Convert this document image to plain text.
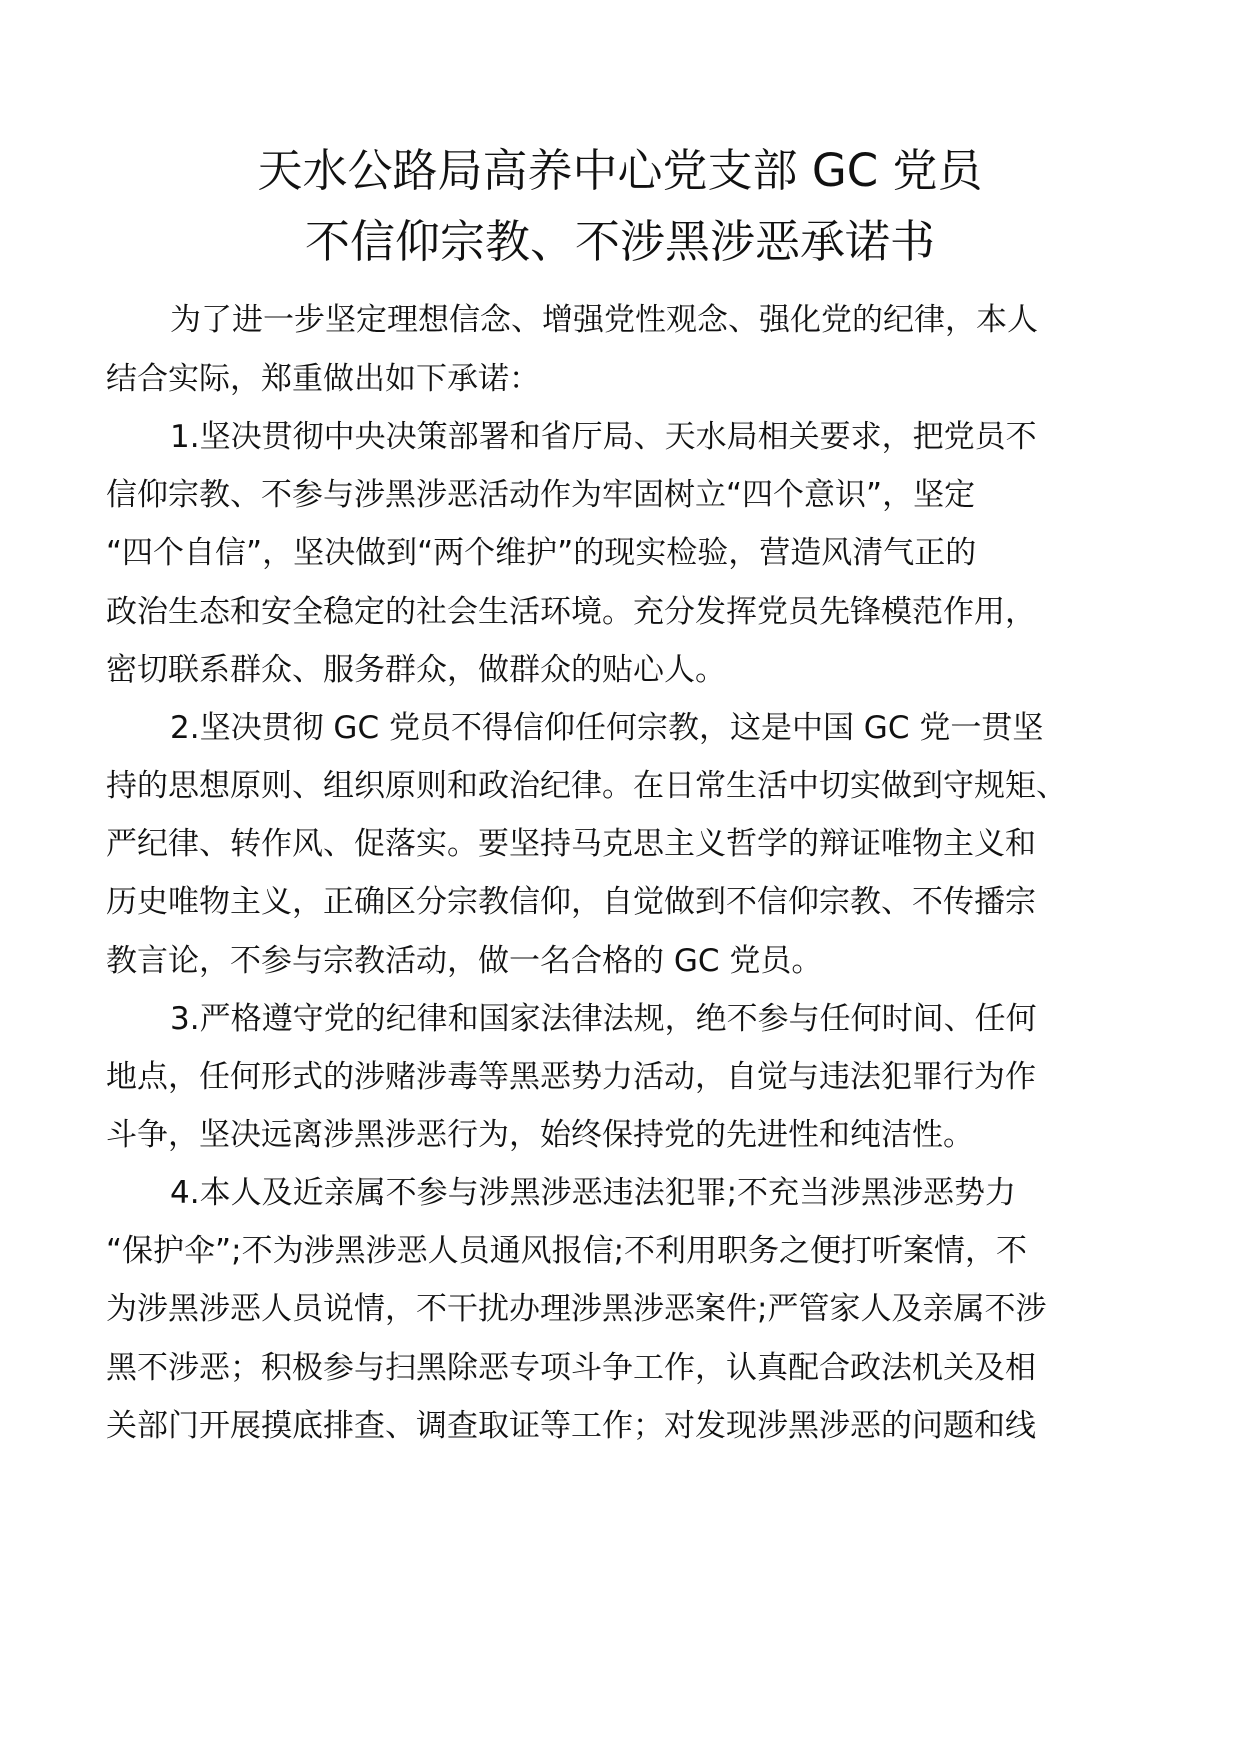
天水公路局高养中心党支部 GC 党员
不信仰宗教、不涉黑涉恶承诺书
为了进一步坚定理想信念、增强党性观念、强化党的纪律，本人
结合实际，郑重做出如下承诺：
1.坚决贯彻中央决策部署和省厅局、天水局相关要求，把党员不
信仰宗教、不参与涉黑涉恶活动作为牢固树立“四个意识”，坚定
“四个自信”，坚决做到“两个维护”的现实检验，营造风清气正的
政治生态和安全稳定的社会生活环境。充分发挥党员先锋模范作用，
密切联系群众、服务群众，做群众的贴心人。
2.坚决贯彻 GC 党员不得信仰任何宗教，这是中国 GC 党一贯坚
持的思想原则、组织原则和政治纪律。在日常生活中切实做到守规矩、
严纪律、转作风、促落实。要坚持马克思主义哲学的辩证唯物主义和
历史唯物主义，正确区分宗教信仰，自觉做到不信仰宗教、不传播宗
教言论，不参与宗教活动，做一名合格的 GC 党员。
3.严格遵守党的纪律和国家法律法规，绝不参与任何时间、任何
地点，任何形式的涉赌涉毒等黑恶势力活动，自觉与违法犯罪行为作
斗争，坚决远离涉黑涉恶行为，始终保持党的先进性和纯洁性。
4.本人及近亲属不参与涉黑涉恶违法犯罪;不充当涉黑涉恶势力
“保护伞”;不为涉黑涉恶人员通风报信;不利用职务之便打听案情，不
为涉黑涉恶人员说情，不干扰办理涉黑涉恶案件;严管家人及亲属不涉
黑不涉恶；积极参与扫黑除恶专项斗争工作，认真配合政法机关及相
关部门开展摸底排查、调查取证等工作；对发现涉黑涉恶的问题和线
